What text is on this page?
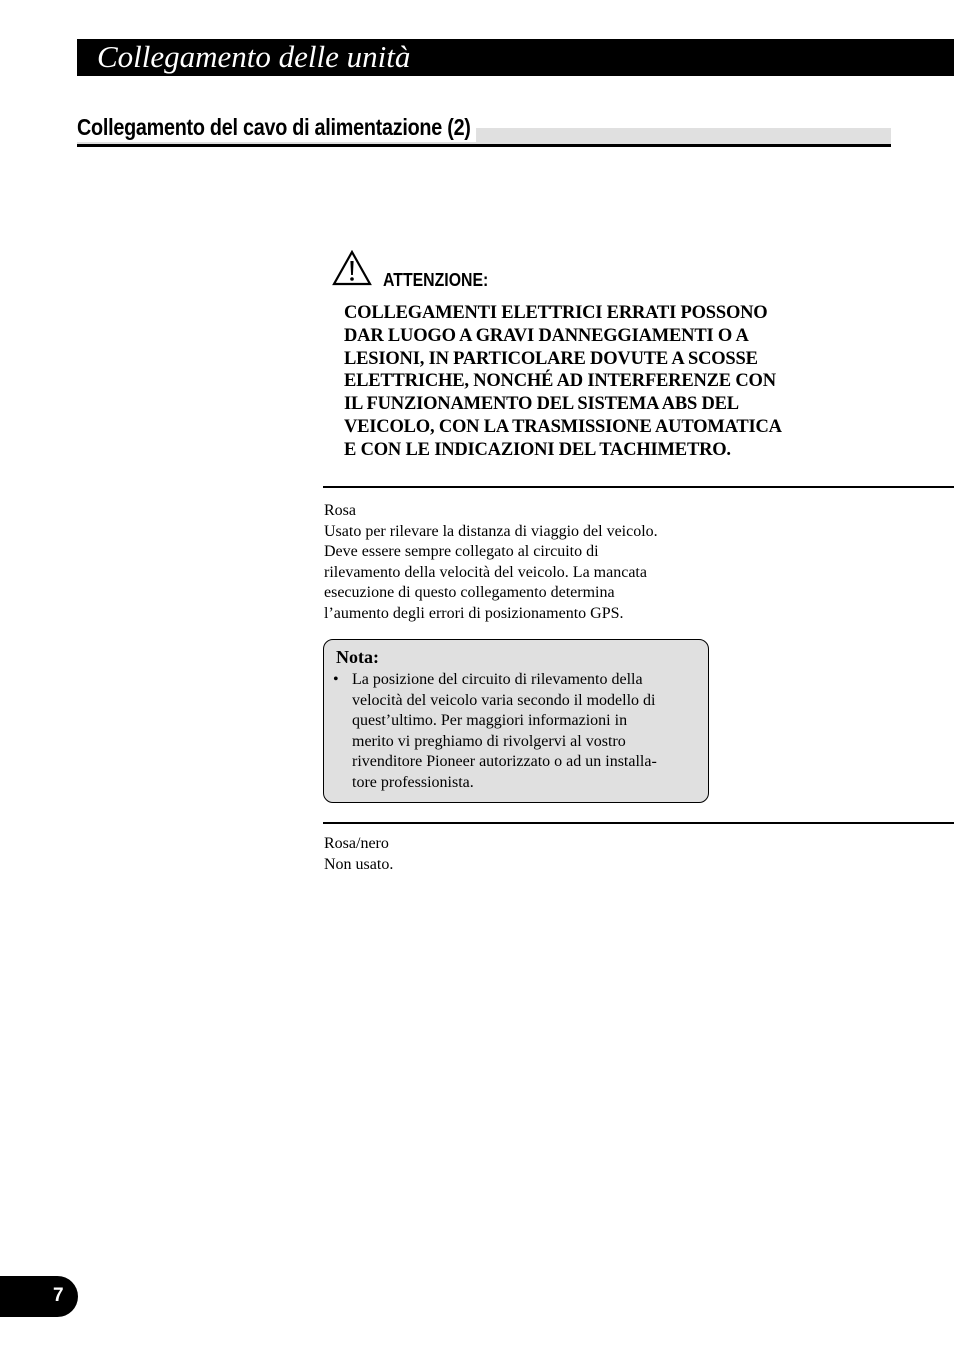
Collegamento delle unità
Collegamento del cavo di alimentazione (2)
ATTENZIONE:

COLLEGAMENTI ELETTRICI ERRATI POSSONO
DAR LUOGO A GRAVI DANNEGGIAMENTI O A
LESIONI, IN PARTICOLARE DOVUTE A SCOSSE
ELETTRICHE, NONCHÉ AD INTERFERENZE CON
IL FUNZIONAMENTO DEL SISTEMA ABS DEL
VEICOLO, CON LA TRASMISSIONE AUTOMATICA
E CON LE INDICAZIONI DEL TACHIMETRO.

Rosa

Usato per rilevare la distanza di viaggio del veicolo.
Deve essere sempre collegato al circuito di
rilevamento della velocità del veicolo. La mancata
esecuzione di questo collegamento determina
l’aumento degli errori di posizionamento GPS.

Nota:
• La posizione del circuito di rilevamento della
velocità del veicolo varia secondo il modello di
quest’ultimo. Per maggiori informazioni in
merito vi preghiamo di rivolgervi al vostro
rivenditore Pioneer autorizzato o ad un installa-
tore professionista.

Rosa/nero

Non usato.

7
